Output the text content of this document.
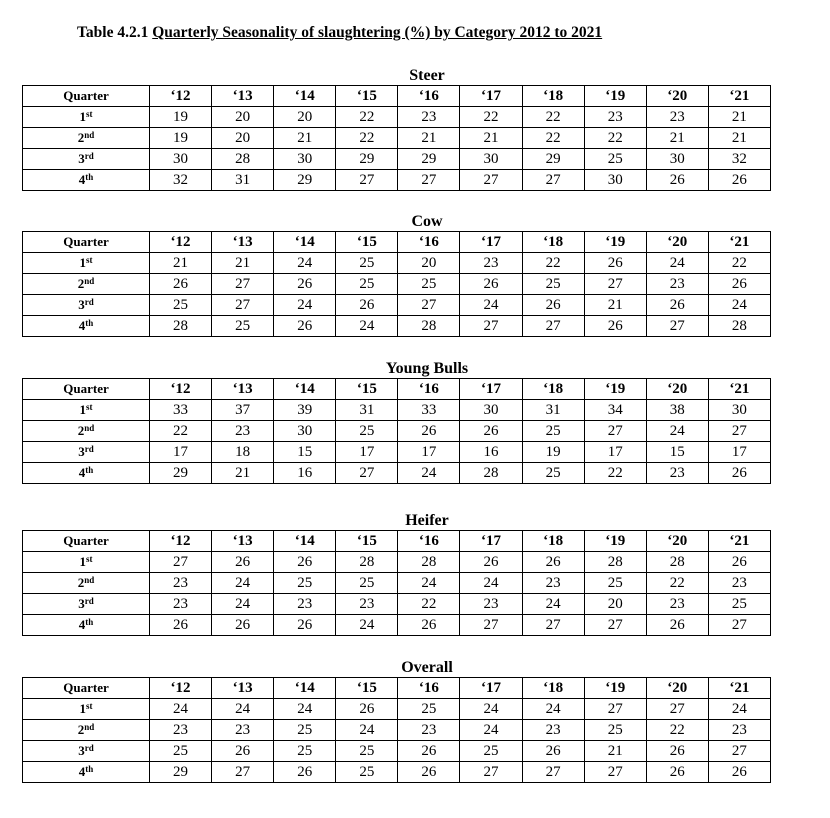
Table 4.2.1 Quarterly Seasonality of slaughtering (%) by Category 2012 to 2021
Steer
Quarter	‘12	‘13	‘14	‘15	‘16	‘17	‘18	‘19	‘20	‘21
1st	19	20	20	22	23	22	22	23	23	21
2nd	19	20	21	22	21	21	22	22	21	21
3rd	30	28	30	29	29	30	29	25	30	32
4th	32	31	29	27	27	27	27	30	26	26
Cow
Quarter	‘12	‘13	‘14	‘15	‘16	‘17	‘18	‘19	‘20	‘21
1st	21	21	24	25	20	23	22	26	24	22
2nd	26	27	26	25	25	26	25	27	23	26
3rd	25	27	24	26	27	24	26	21	26	24
4th	28	25	26	24	28	27	27	26	27	28
Young Bulls
Quarter	‘12	‘13	‘14	‘15	‘16	‘17	‘18	‘19	‘20	‘21
1st	33	37	39	31	33	30	31	34	38	30
2nd	22	23	30	25	26	26	25	27	24	27
3rd	17	18	15	17	17	16	19	17	15	17
4th	29	21	16	27	24	28	25	22	23	26
Heifer
Quarter	‘12	‘13	‘14	‘15	‘16	‘17	‘18	‘19	‘20	‘21
1st	27	26	26	28	28	26	26	28	28	26
2nd	23	24	25	25	24	24	23	25	22	23
3rd	23	24	23	23	22	23	24	20	23	25
4th	26	26	26	24	26	27	27	27	26	27
Overall
Quarter	‘12	‘13	‘14	‘15	‘16	‘17	‘18	‘19	‘20	‘21
1st	24	24	24	26	25	24	24	27	27	24
2nd	23	23	25	24	23	24	23	25	22	23
3rd	25	26	25	25	26	25	26	21	26	27
4th	29	27	26	25	26	27	27	27	26	26
